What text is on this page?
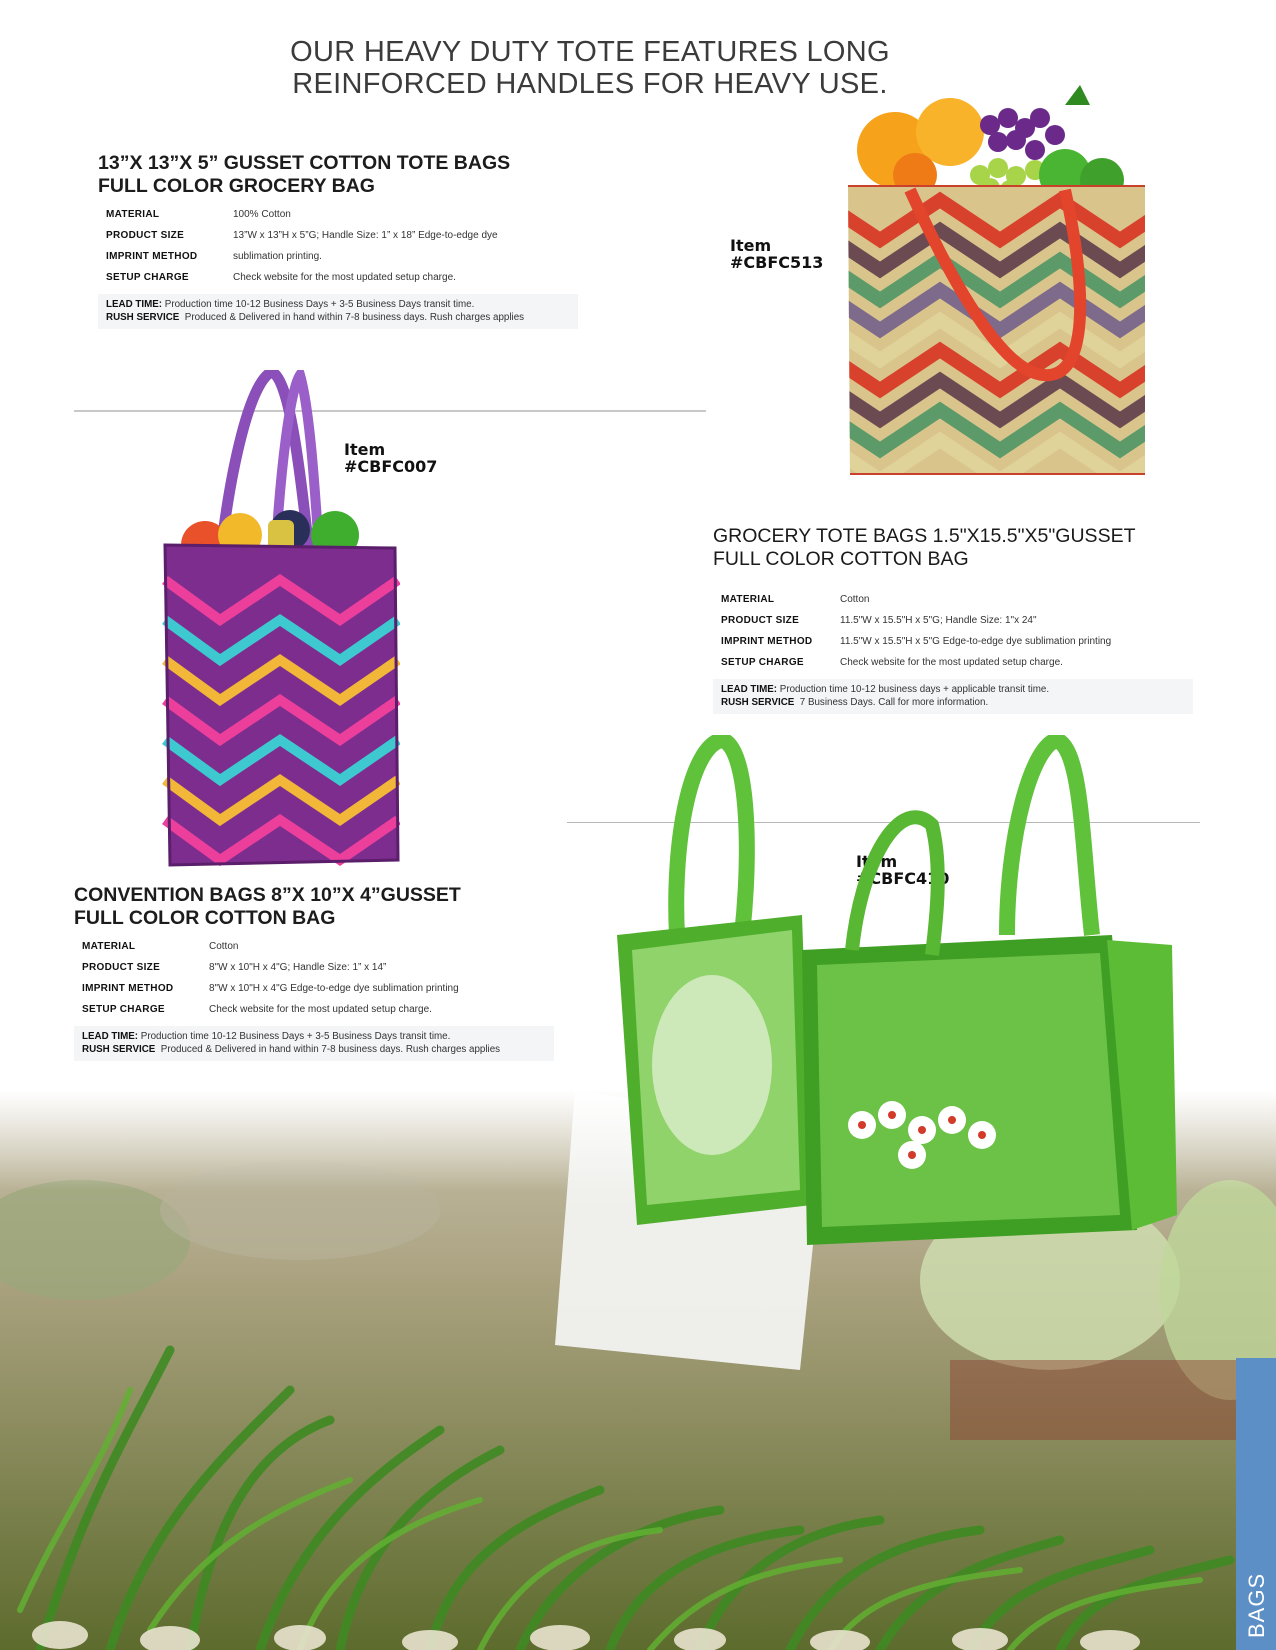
OUR HEAVY DUTY TOTE FEATURES LONG
REINFORCED HANDLES FOR HEAVY USE.

13”X 13”X 5” GUSSET COTTON TOTE BAGS
FULL COLOR GROCERY BAG

MATERIAL	100% Cotton
PRODUCT SIZE	13”W x 13”H x 5”G; Handle Size: 1” x 18” Edge-to-edge dye
IMPRINT METHOD	sublimation printing.
SETUP CHARGE	Check website for the most updated setup charge.
LEAD TIME: Production time 10-12 Business Days + 3-5 Business Days transit time.
RUSH SERVICE Produced & Delivered in hand within 7-8 business days. Rush charges applies
Item
#CBFC513
Item
#CBFC007

GROCERY TOTE BAGS 1.5"X15.5"X5"GUSSET
FULL COLOR COTTON BAG

MATERIAL	Cotton
PRODUCT SIZE	11.5"W x 15.5"H x 5"G; Handle Size: 1"x 24"
IMPRINT METHOD	11.5"W x 15.5"H x 5"G Edge-to-edge dye sublimation printing
SETUP CHARGE	Check website for the most updated setup charge.
LEAD TIME: Production time 10-12 business days + applicable transit time.
RUSH SERVICE 7 Business Days. Call for more information.
Item
#CBFC410

CONVENTION BAGS 8”X 10”X 4”GUSSET
FULL COLOR COTTON BAG

MATERIAL	Cotton
PRODUCT SIZE	8"W x 10"H x 4"G; Handle Size: 1” x 14”
IMPRINT METHOD	8"W x 10"H x 4"G Edge-to-edge dye sublimation printing
SETUP CHARGE	Check website for the most updated setup charge.
LEAD TIME: Production time 10-12 Business Days + 3-5 Business Days transit time.
RUSH SERVICE Produced & Delivered in hand within 7-8 business days. Rush charges applies
BAGS
